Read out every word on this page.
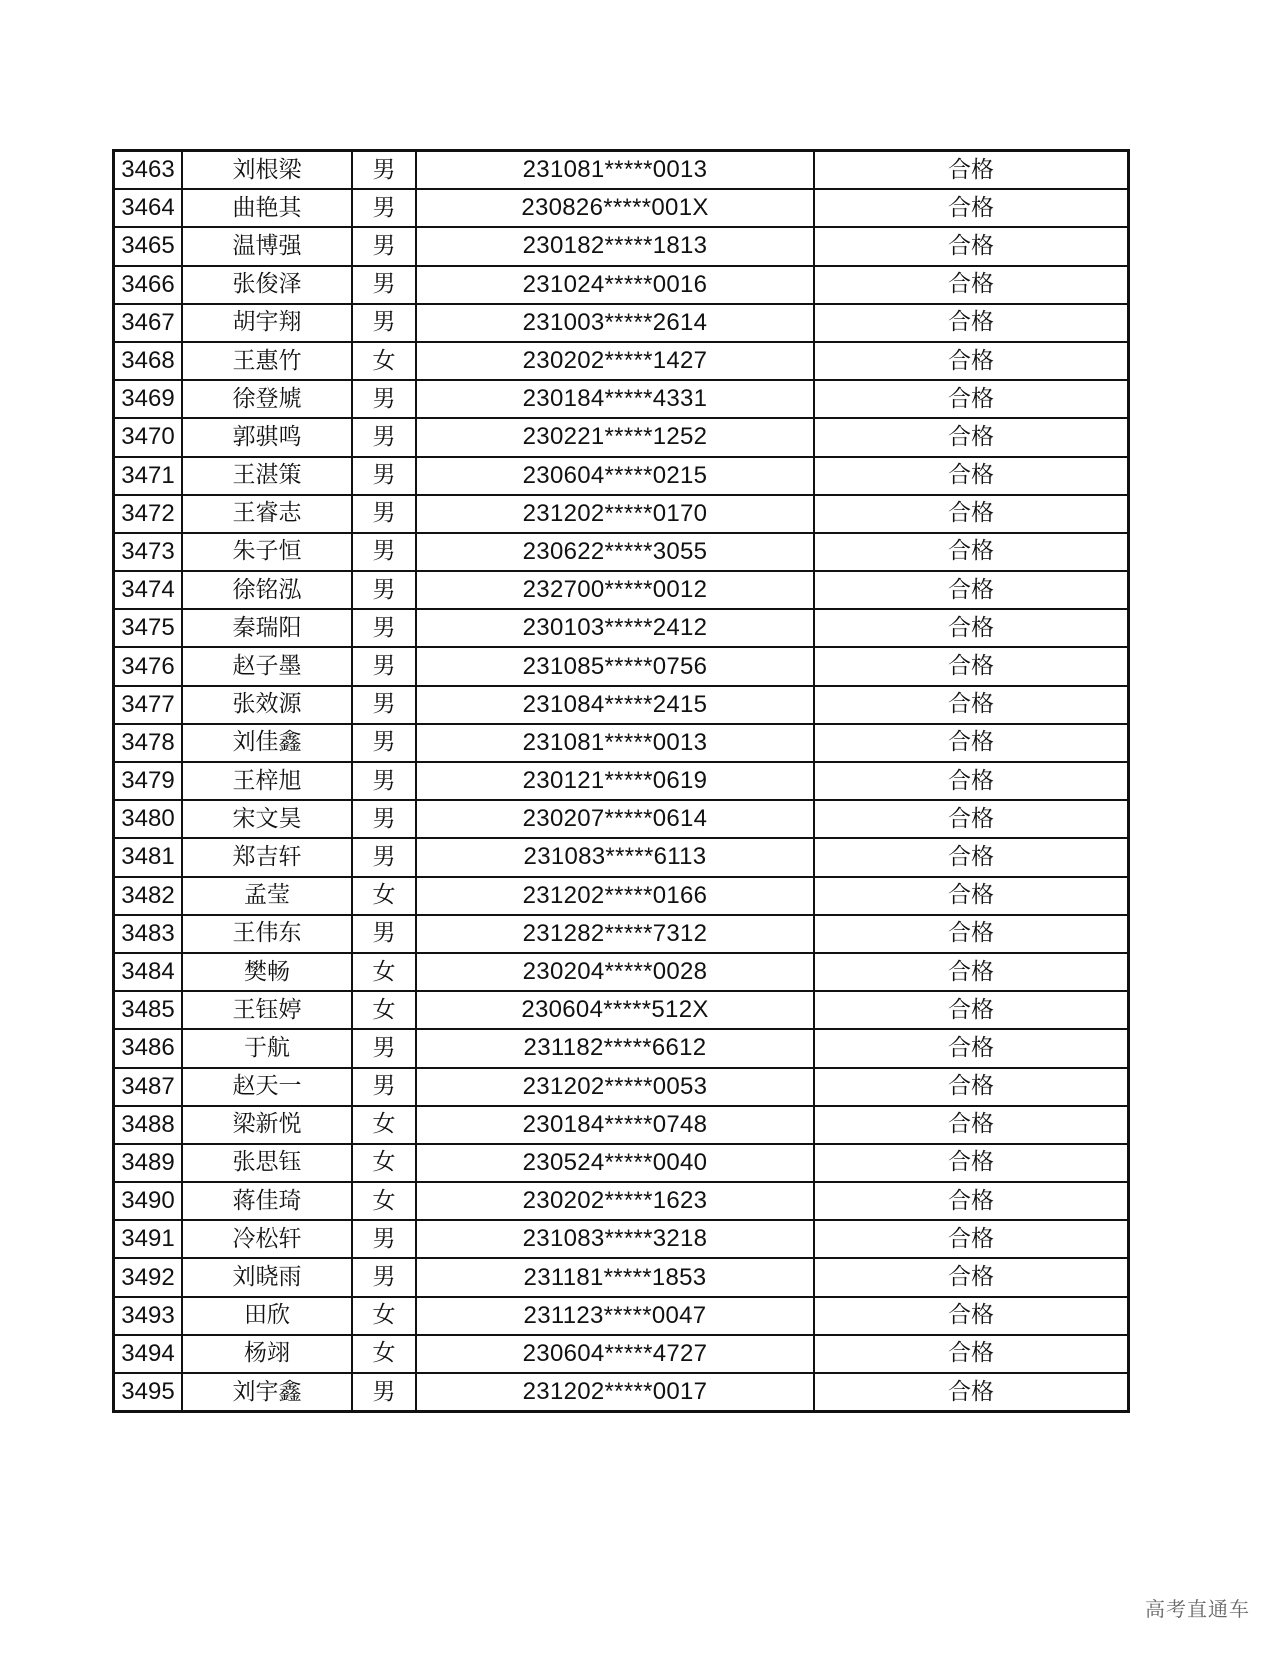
3463	刘根梁	男	231081*****0013	合格
3464	曲艳其	男	230826*****001X	合格
3465	温博强	男	230182*****1813	合格
3466	张俊泽	男	231024*****0016	合格
3467	胡宇翔	男	231003*****2614	合格
3468	王惠竹	女	230202*****1427	合格
3469	徐登虓	男	230184*****4331	合格
3470	郭骐鸣	男	230221*****1252	合格
3471	王湛策	男	230604*****0215	合格
3472	王睿志	男	231202*****0170	合格
3473	朱子恒	男	230622*****3055	合格
3474	徐铭泓	男	232700*****0012	合格
3475	秦瑞阳	男	230103*****2412	合格
3476	赵子墨	男	231085*****0756	合格
3477	张效源	男	231084*****2415	合格
3478	刘佳鑫	男	231081*****0013	合格
3479	王梓旭	男	230121*****0619	合格
3480	宋文昊	男	230207*****0614	合格
3481	郑吉轩	男	231083*****6113	合格
3482	孟莹	女	231202*****0166	合格
3483	王伟东	男	231282*****7312	合格
3484	樊畅	女	230204*****0028	合格
3485	王钰婷	女	230604*****512X	合格
3486	于航	男	231182*****6612	合格
3487	赵天一	男	231202*****0053	合格
3488	梁新悦	女	230184*****0748	合格
3489	张思钰	女	230524*****0040	合格
3490	蒋佳琦	女	230202*****1623	合格
3491	冷松轩	男	231083*****3218	合格
3492	刘晓雨	男	231181*****1853	合格
3493	田欣	女	231123*****0047	合格
3494	杨翊	女	230604*****4727	合格
3495	刘宇鑫	男	231202*****0017	合格
高考直通车
